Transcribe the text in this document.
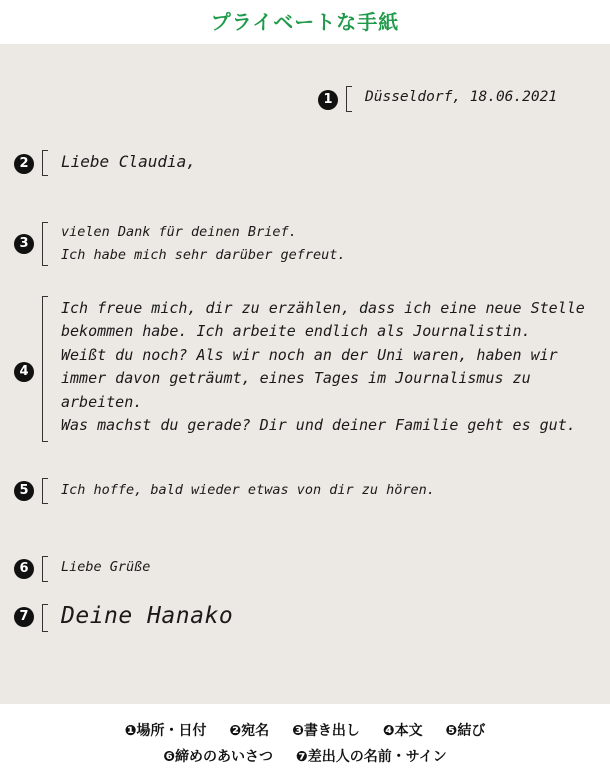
プライベートな手紙
1	Düsseldorf, 18.06.2021
2	Liebe Claudia,
3
vielen Dank für deinen Brief.
Ich habe mich sehr darüber gefreut.
4
Ich freue mich, dir zu erzählen, dass ich eine neue Stelle
bekommen habe. Ich arbeite endlich als Journalistin.
Weißt du noch? Als wir noch an der Uni waren, haben wir
immer davon geträumt, eines Tages im Journalismus zu
arbeiten.
Was machst du gerade? Dir und deiner Familie geht es gut.
5	Ich hoffe, bald wieder etwas von dir zu hören.
6	Liebe Grüße
7 Deine Hanako
❶場所・日付 ❷宛名 ❸書き出し ❹本文 ❺結び
❻締めのあいさつ ❼差出人の名前・サイン
